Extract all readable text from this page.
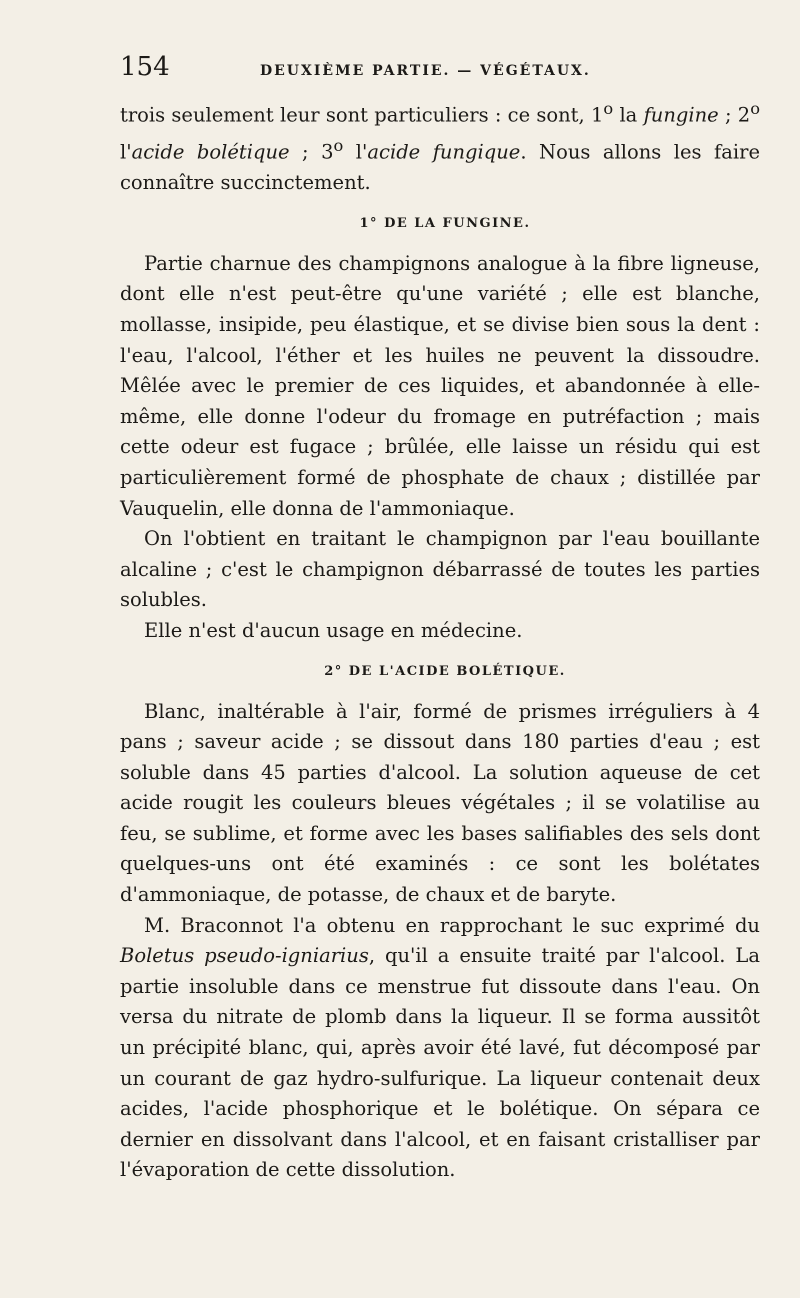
154	DEUXIÈME PARTIE. — VÉGÉTAUX.

trois seulement leur sont particuliers : ce sont, 1$^o$ la fungine ; 2$^o$ l'acide bolétique ; 3$^o$ l'acide fungique. Nous allons les faire connaître succinctement.

1° DE LA FUNGINE.

Partie charnue des champignons analogue à la fibre ligneuse, dont elle n'est peut-être qu'une variété ; elle est blanche, mollasse, insipide, peu élastique, et se divise bien sous la dent : l'eau, l'alcool, l'éther et les huiles ne peuvent la dissoudre. Mêlée avec le premier de ces liquides, et abandonnée à elle-même, elle donne l'odeur du fromage en putréfaction ; mais cette odeur est fugace ; brûlée, elle laisse un résidu qui est particulièrement formé de phosphate de chaux ; distillée par Vauquelin, elle donna de l'ammoniaque.

On l'obtient en traitant le champignon par l'eau bouillante alcaline ; c'est le champignon débarrassé de toutes les parties solubles.

Elle n'est d'aucun usage en médecine.

2° DE L'ACIDE BOLÉTIQUE.

Blanc, inaltérable à l'air, formé de prismes irréguliers à 4 pans ; saveur acide ; se dissout dans 180 parties d'eau ; est soluble dans 45 parties d'alcool. La solution aqueuse de cet acide rougit les couleurs bleues végétales ; il se volatilise au feu, se sublime, et forme avec les bases salifiables des sels dont quelques-uns ont été examinés : ce sont les bolétates d'ammoniaque, de potasse, de chaux et de baryte.

M. Braconnot l'a obtenu en rapprochant le suc exprimé du Boletus pseudo-igniarius, qu'il a ensuite traité par l'alcool. La partie insoluble dans ce menstrue fut dissoute dans l'eau. On versa du nitrate de plomb dans la liqueur. Il se forma aussitôt un précipité blanc, qui, après avoir été lavé, fut décomposé par un courant de gaz hydro-sulfurique. La liqueur contenait deux acides, l'acide phosphorique et le bolétique. On sépara ce dernier en dissolvant dans l'alcool, et en faisant cristalliser par l'évaporation de cette dissolution.
